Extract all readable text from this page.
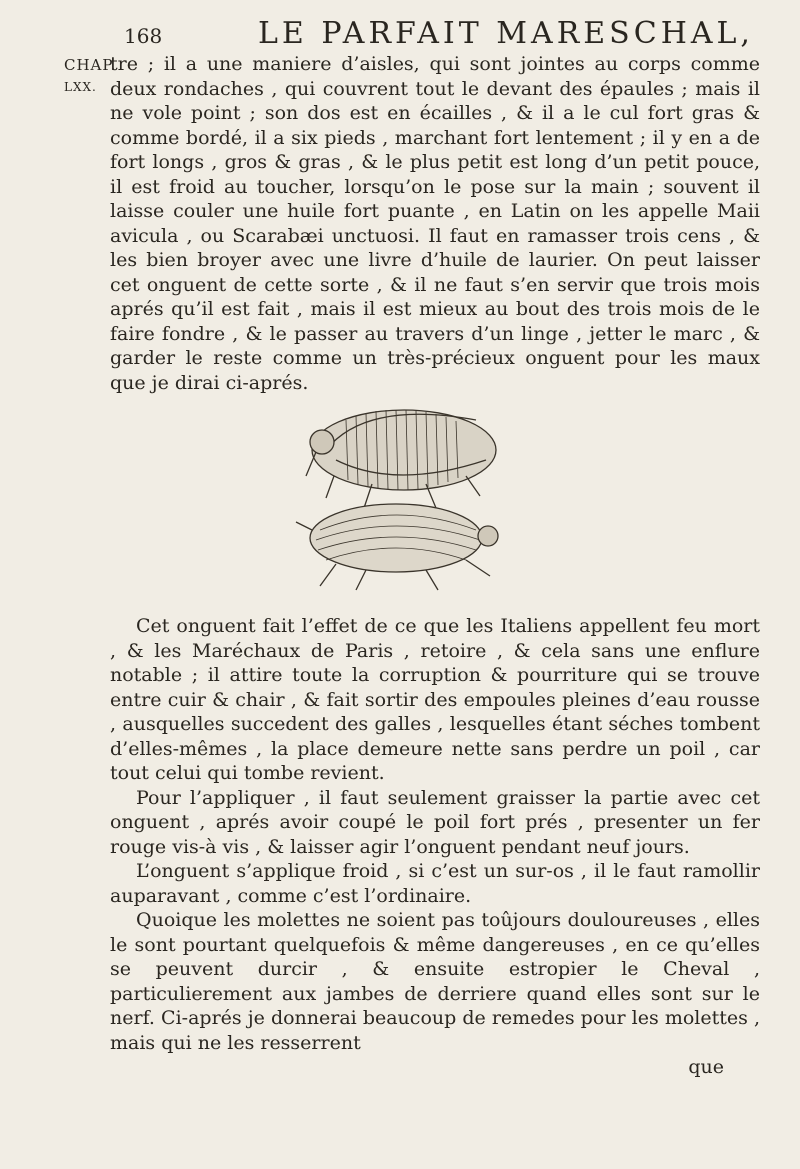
168	LE PARFAIT MARESCHAL,
CHAP.
LXX.

tre ; il a une maniere d’aisles, qui sont jointes au corps comme deux rondaches , qui couvrent tout le devant des épaules ; mais il ne vole point ; son dos est en écailles , & il a le cul fort gras & comme bordé, il a six pieds , marchant fort lentement ; il y en a de fort longs , gros & gras , & le plus petit est long d’un petit pouce, il est froid au toucher, lorsqu’on le pose sur la main ; souvent il laisse couler une huile fort puante , en Latin on les appelle Maii avicula , ou Scarabæi unctuosi. Il faut en ramasser trois cens , & les bien broyer avec une livre d’huile de laurier. On peut laisser cet onguent de cette sorte , & il ne faut s’en servir que trois mois aprés qu’il est fait , mais il est mieux au bout des trois mois de le faire fondre , & le passer au travers d’un linge , jetter le marc , & garder le reste comme un très-précieux onguent pour les maux que je dirai ci-aprés.

Cet onguent fait l’effet de ce que les Italiens appellent feu mort , & les Maréchaux de Paris , retoire , & cela sans une enflure notable ; il attire toute la corruption & pourriture qui se trouve entre cuir & chair , & fait sortir des empoules pleines d’eau rousse , ausquelles succedent des galles , lesquelles étant séches tombent d’elles-mêmes , la place demeure nette sans perdre un poil , car tout celui qui tombe revient.

Pour l’appliquer , il faut seulement graisser la partie avec cet onguent , aprés avoir coupé le poil fort prés , presenter un fer rouge vis-à vis , & laisser agir l’onguent pendant neuf jours.

L’onguent s’applique froid , si c’est un sur-os , il le faut ramollir auparavant , comme c’est l’ordinaire.

Quoique les molettes ne soient pas toûjours douloureuses , elles le sont pourtant quelquefois & même dangereuses , en ce qu’elles se peuvent durcir , & ensuite estropier le Cheval , particulierement aux jambes de derriere quand elles sont sur le nerf. Ci-aprés je donnerai beaucoup de remedes pour les molettes , mais qui ne les resserrent

que
